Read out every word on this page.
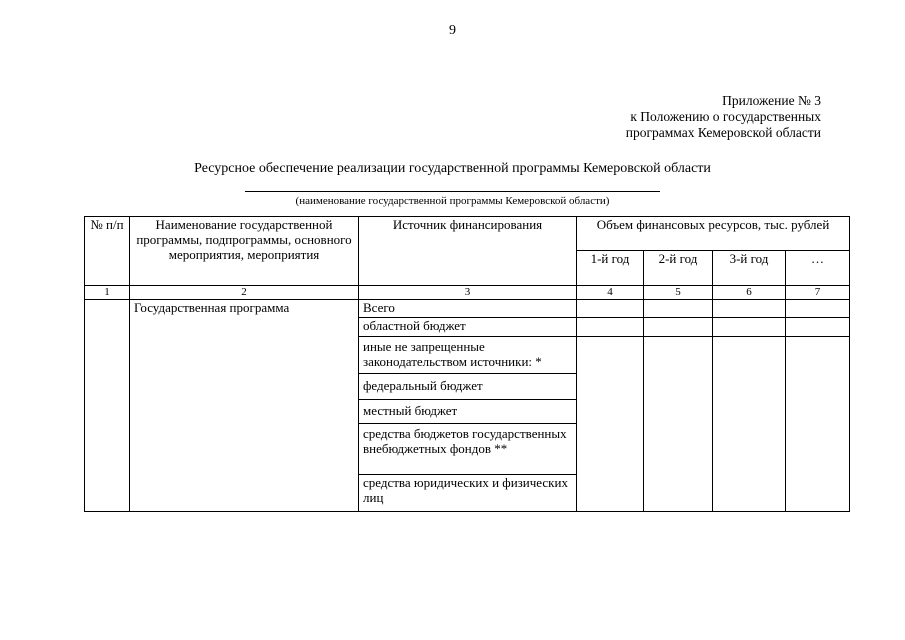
9
Приложение № 3
к Положению о государственных
программах Кемеровской области
Ресурсное обеспечение реализации государственной программы Кемеровской области
(наименование государственной программы Кемеровской области)
№ п/п	Наименование государственной программы, подпрограммы, основного мероприятия, мероприятия	Источник финансирования	Объем финансовых ресурсов, тыс. рублей			
			1-й год	2-й год	3-й год	…
1	2	3	4	5	6	7
	Государственная программа	Всего				
		областной бюджет				
		иные не запрещенные законодательством источники: *				
		федеральный бюджет				
		местный бюджет				
		средства бюджетов государственных внебюджетных фондов **				
		средства юридических и физических лиц				
